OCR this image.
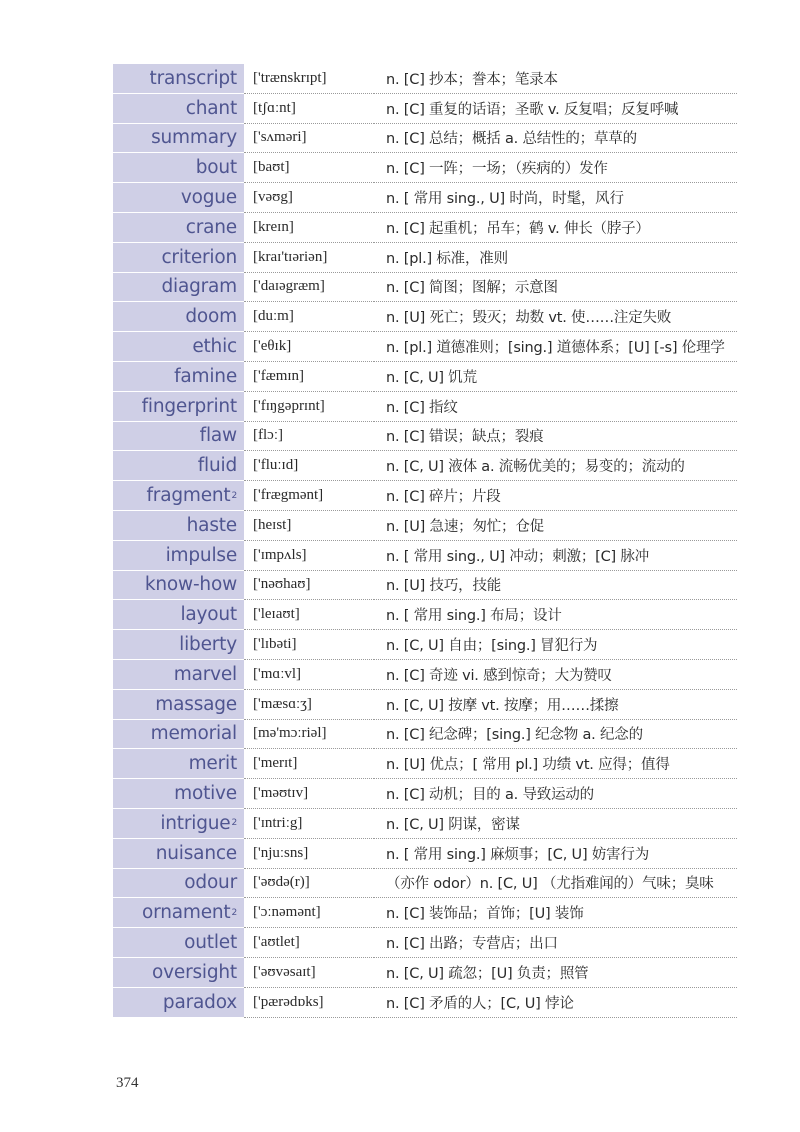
transcript	['trænskrɪpt]	n. [C] 抄本；誊本；笔录本
chant	[tʃɑːnt]	n. [C] 重复的话语；圣歌 v. 反复唱；反复呼喊
summary	['sʌməri]	n. [C] 总结；概括 a. 总结性的；草草的
bout	[baʊt]	n. [C] 一阵；一场；（疾病的）发作
vogue	[vəʊg]	n. [ 常用 sing., U] 时尚，时髦，风行
crane	[kreɪn]	n. [C] 起重机；吊车；鹤 v. 伸长（脖子）
criterion	[kraɪ'tɪəriən]	n. [pl.] 标准，准则
diagram	['daɪəgræm]	n. [C] 简图；图解；示意图
doom	[duːm]	n. [U] 死亡；毁灭；劫数 vt. 使……注定失败
ethic	['eθɪk]	n. [pl.] 道德准则；[sing.] 道德体系；[U] [-s] 伦理学
famine	['fæmɪn]	n. [C, U] 饥荒
fingerprint	['fɪŋgəprɪnt]	n. [C] 指纹
flaw	[flɔː]	n. [C] 错误；缺点；裂痕
fluid	['fluːɪd]	n. [C, U] 液体 a. 流畅优美的；易变的；流动的
fragment 2	['frægmənt]	n. [C] 碎片；片段
haste	[heɪst]	n. [U] 急速；匆忙；仓促
impulse	['ɪmpʌls]	n. [ 常用 sing., U] 冲动；刺激；[C] 脉冲
know-how	['nəʊhaʊ]	n. [U] 技巧，技能
layout	['leɪaʊt]	n. [ 常用 sing.] 布局；设计
liberty	['lɪbəti]	n. [C, U] 自由；[sing.] 冒犯行为
marvel	['mɑːvl]	n. [C] 奇迹 vi. 感到惊奇；大为赞叹
massage	['mæsɑːʒ]	n. [C, U] 按摩 vt. 按摩；用……揉擦
memorial	[mə'mɔːriəl]	n. [C] 纪念碑；[sing.] 纪念物 a. 纪念的
merit	['merɪt]	n. [U] 优点；[ 常用 pl.] 功绩 vt. 应得；值得
motive	['məʊtɪv]	n. [C] 动机；目的 a. 导致运动的
intrigue 2	['ɪntriːg]	n. [C, U] 阴谋，密谋
nuisance	['njuːsns]	n. [ 常用 sing.] 麻烦事；[C, U] 妨害行为
odour	['əʊdə(r)]	（亦作 odor）n. [C, U] （尤指难闻的）气味；臭味
ornament 2	['ɔːnəmənt]	n. [C] 装饰品；首饰；[U] 装饰
outlet	['aʊtlet]	n. [C] 出路；专营店；出口
oversight	['əʊvəsaɪt]	n. [C, U] 疏忽；[U] 负责；照管
paradox	['pærədɒks]	n. [C] 矛盾的人；[C, U] 悖论
374
